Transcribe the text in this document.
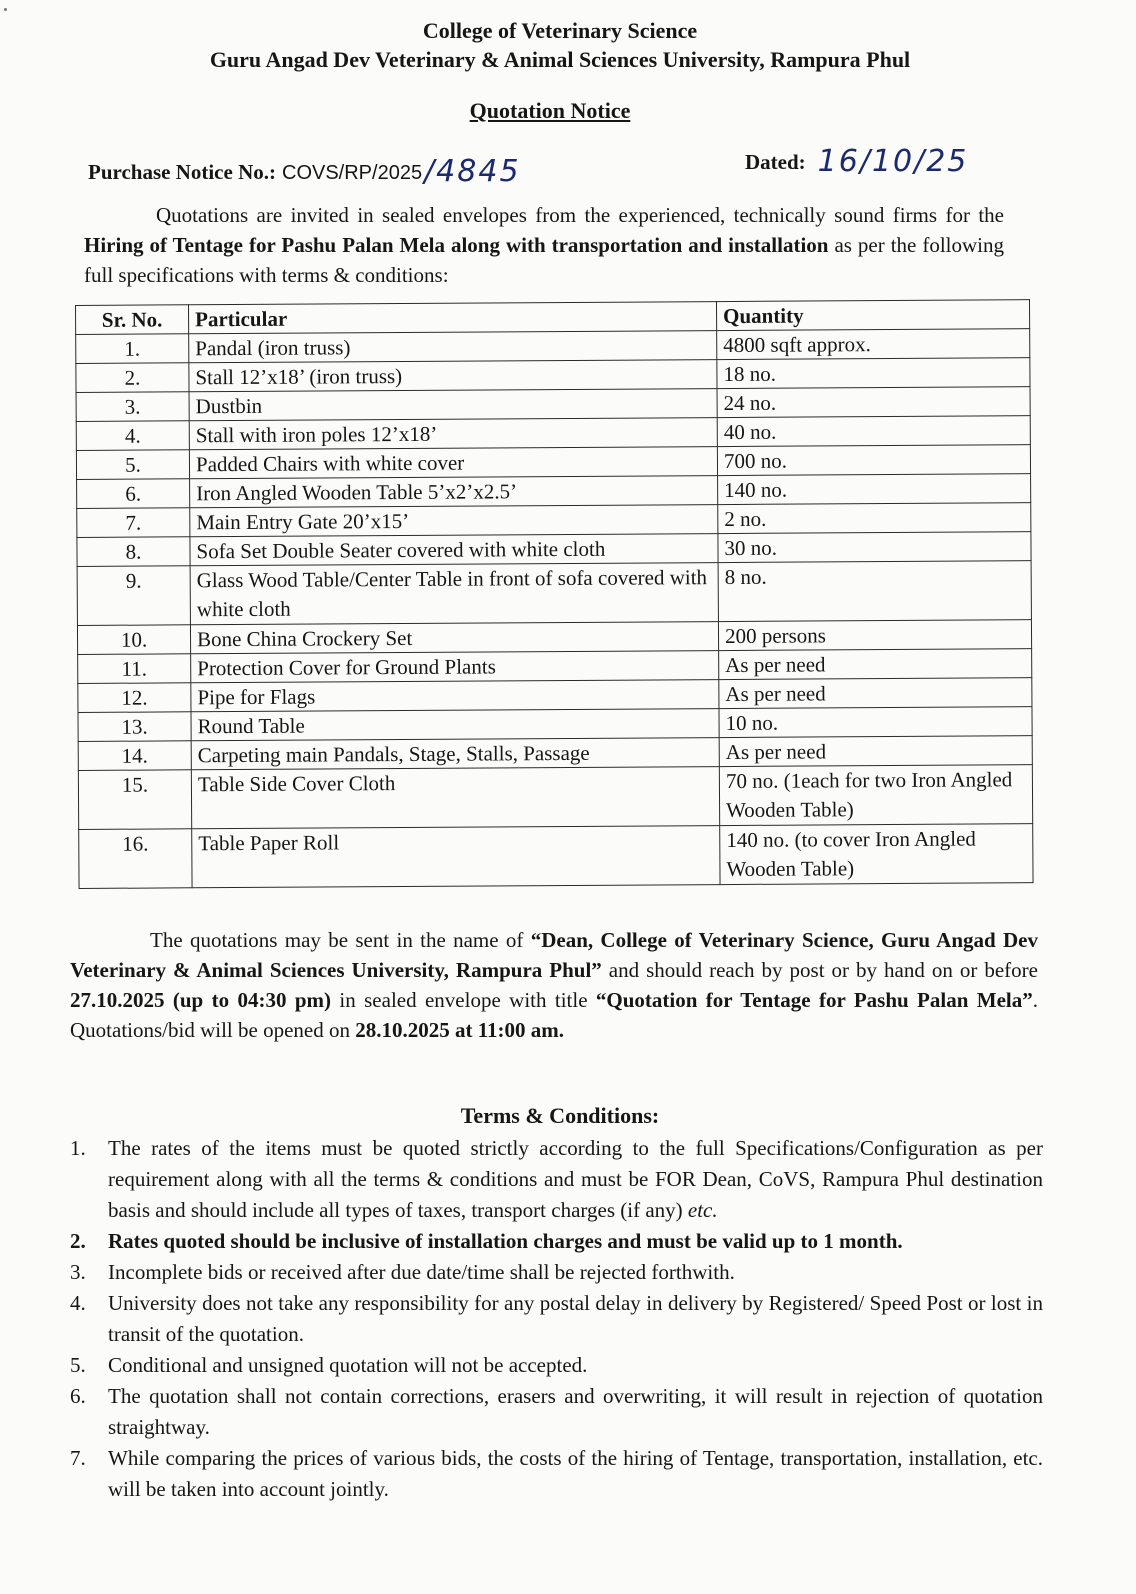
College of Veterinary Science
Guru Angad Dev Veterinary & Animal Sciences University, Rampura Phul
Quotation Notice
Purchase Notice No.: COVS/RP/2025 /4845	Dated: 16/10/25
Quotations are invited in sealed envelopes from the experienced, technically sound firms for the Hiring of Tentage for Pashu Palan Mela along with transportation and installation as per the following full specifications with terms & conditions:
Sr. No.	Particular	Quantity
1.	Pandal (iron truss)	4800 sqft approx.
2.	Stall 12’x18’ (iron truss)	18 no.
3.	Dustbin	24 no.
4.	Stall with iron poles 12’x18’	40 no.
5.	Padded Chairs with white cover	700 no.
6.	Iron Angled Wooden Table 5’x2’x2.5’	140 no.
7.	Main Entry Gate 20’x15’	2 no.
8.	Sofa Set Double Seater covered with white cloth	30 no.
9.	Glass Wood Table/Center Table in front of sofa covered with white cloth	8 no.
10.	Bone China Crockery Set	200 persons
11.	Protection Cover for Ground Plants	As per need
12.	Pipe for Flags	As per need
13.	Round Table	10 no.
14.	Carpeting main Pandals, Stage, Stalls, Passage	As per need
15.	Table Side Cover Cloth	70 no. (1each for two Iron Angled Wooden Table)
16.	Table Paper Roll	140 no. (to cover Iron Angled Wooden Table)
The quotations may be sent in the name of “Dean, College of Veterinary Science, Guru Angad Dev Veterinary & Animal Sciences University, Rampura Phul” and should reach by post or by hand on or before 27.10.2025 (up to 04:30 pm) in sealed envelope with title “Quotation for Tentage for Pashu Palan Mela”. Quotations/bid will be opened on 28.10.2025 at 11:00 am.
Terms & Conditions:
1. The rates of the items must be quoted strictly according to the full Specifications/Configuration as per requirement along with all the terms & conditions and must be FOR Dean, CoVS, Rampura Phul destination basis and should include all types of taxes, transport charges (if any) etc.
2. Rates quoted should be inclusive of installation charges and must be valid up to 1 month.
3. Incomplete bids or received after due date/time shall be rejected forthwith.
4. University does not take any responsibility for any postal delay in delivery by Registered/ Speed Post or lost in transit of the quotation.
5. Conditional and unsigned quotation will not be accepted.
6. The quotation shall not contain corrections, erasers and overwriting, it will result in rejection of quotation straightway.
7. While comparing the prices of various bids, the costs of the hiring of Tentage, transportation, installation, etc. will be taken into account jointly.
